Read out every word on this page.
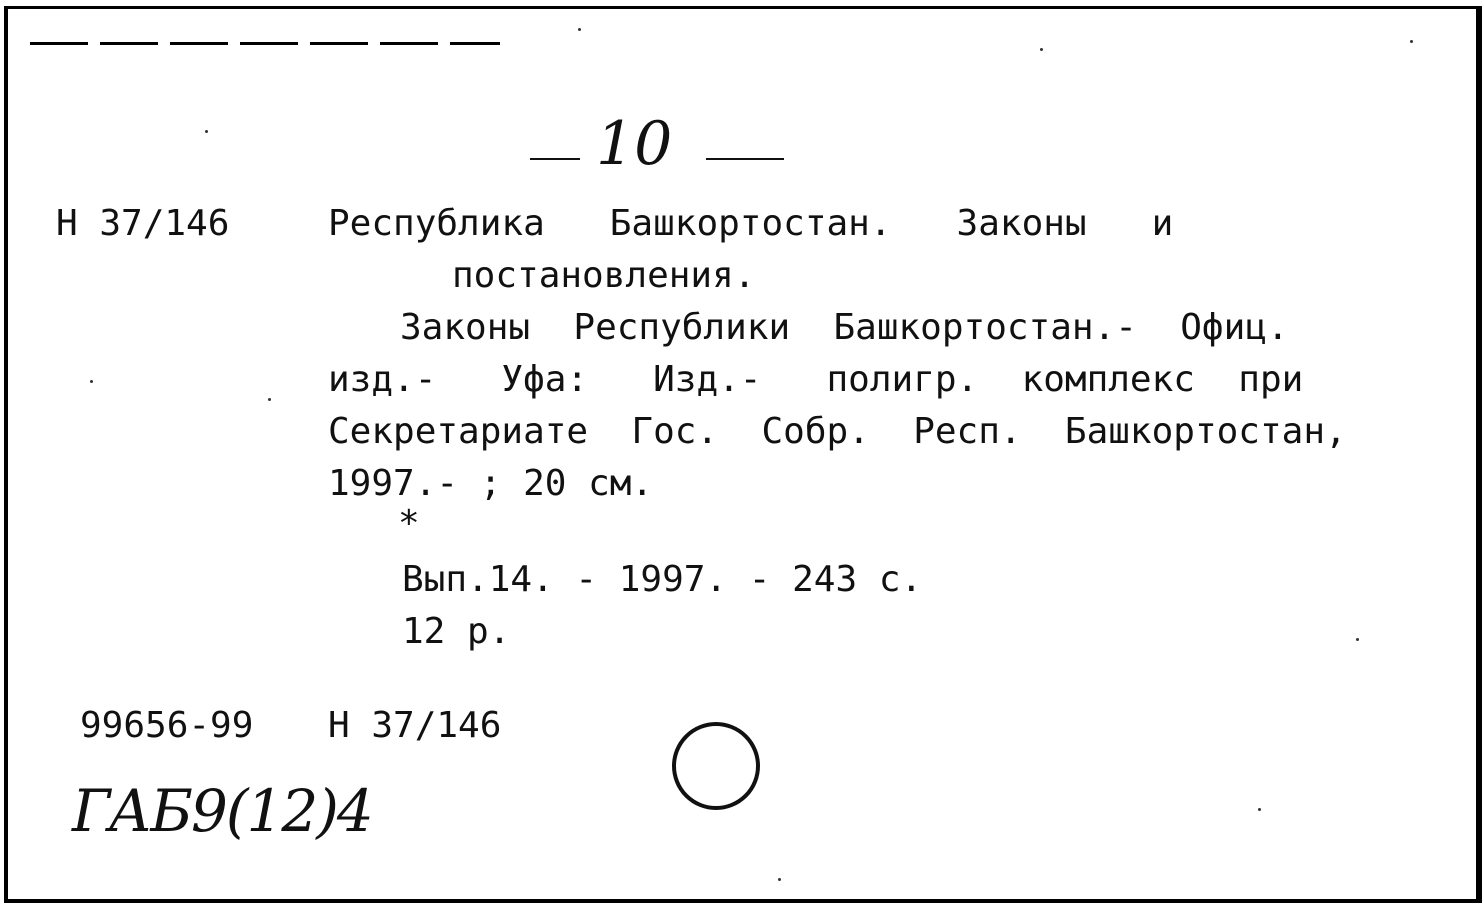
10
Н 37/146	Республика   Башкортостан.   Законы   и
постановления.
Законы  Республики  Башкортостан.-  Офиц.
изд.-   Уфа:   Изд.-   полигр.  комплекс  при
Секретариате  Гос.  Собр.  Респ.  Башкортостан,
1997.- ; 20 см.
*
Вып.14. - 1997. - 243 с.
12 р.
99656-99 Н 37/146
ГАБ9(12)4
